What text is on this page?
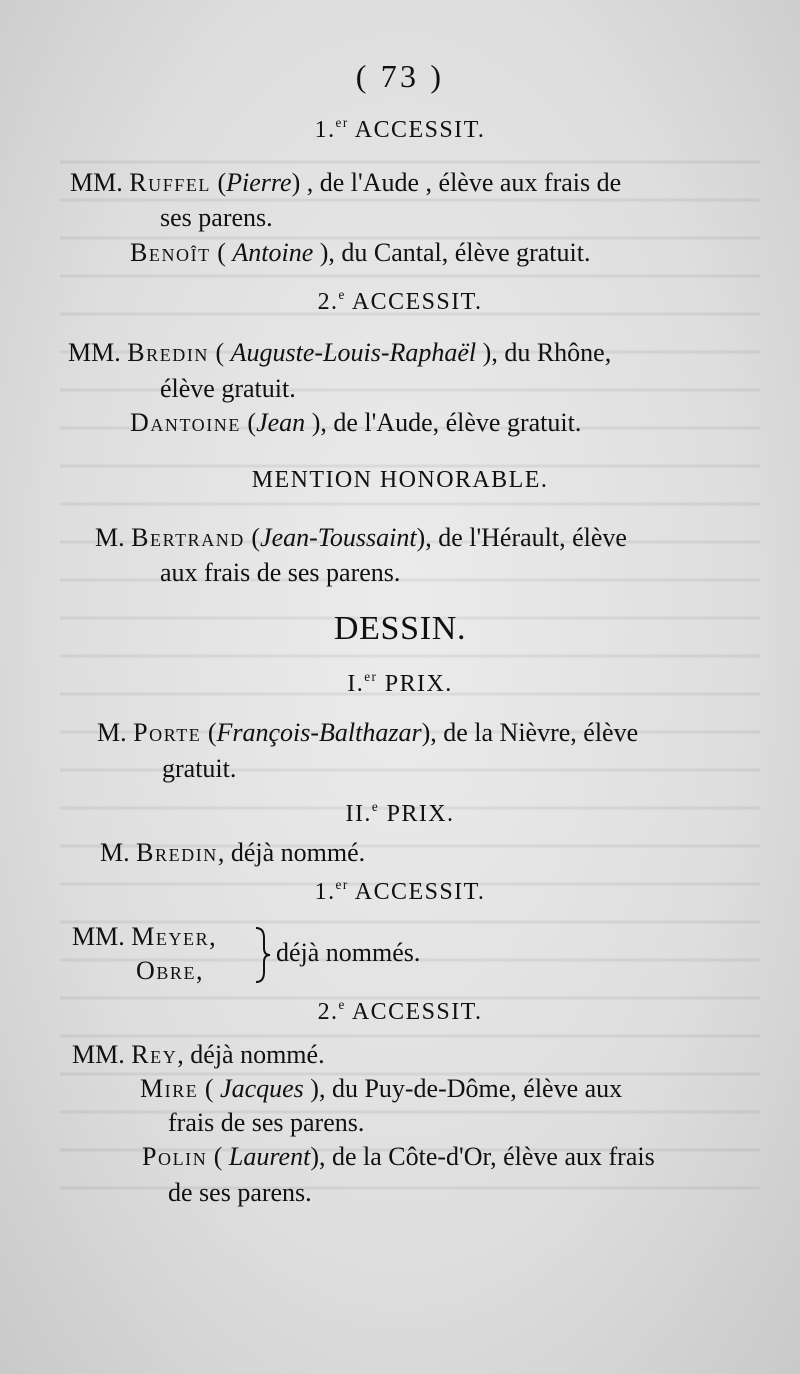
( 73 )
1.$^{er}$ ACCESSIT.
MM. Ruffel (Pierre) , de l'Aude , élève aux frais de
ses parens.
Benoît ( Antoine ), du Cantal, élève gratuit.
2.$^e$ ACCESSIT.
MM. Bredin ( Auguste-Louis-Raphaël ), du Rhône,
élève gratuit.
Dantoine (Jean ), de l'Aude, élève gratuit.
MENTION HONORABLE.
M. Bertrand (Jean-Toussaint), de l'Hérault, élève
aux frais de ses parens.
DESSIN.
I.$^{er}$ PRIX.
M. Porte (François-Balthazar), de la Nièvre, élève
gratuit.
II.$^e$ PRIX.
M. Bredin, déjà nommé.
1.$^{er}$ ACCESSIT.
MM. Meyer,
Obre,
déjà nommés.
2.$^e$ ACCESSIT.
MM. Rey, déjà nommé.
Mire ( Jacques ), du Puy-de-Dôme, élève aux
frais de ses parens.
Polin ( Laurent), de la Côte-d'Or, élève aux frais
de ses parens.
